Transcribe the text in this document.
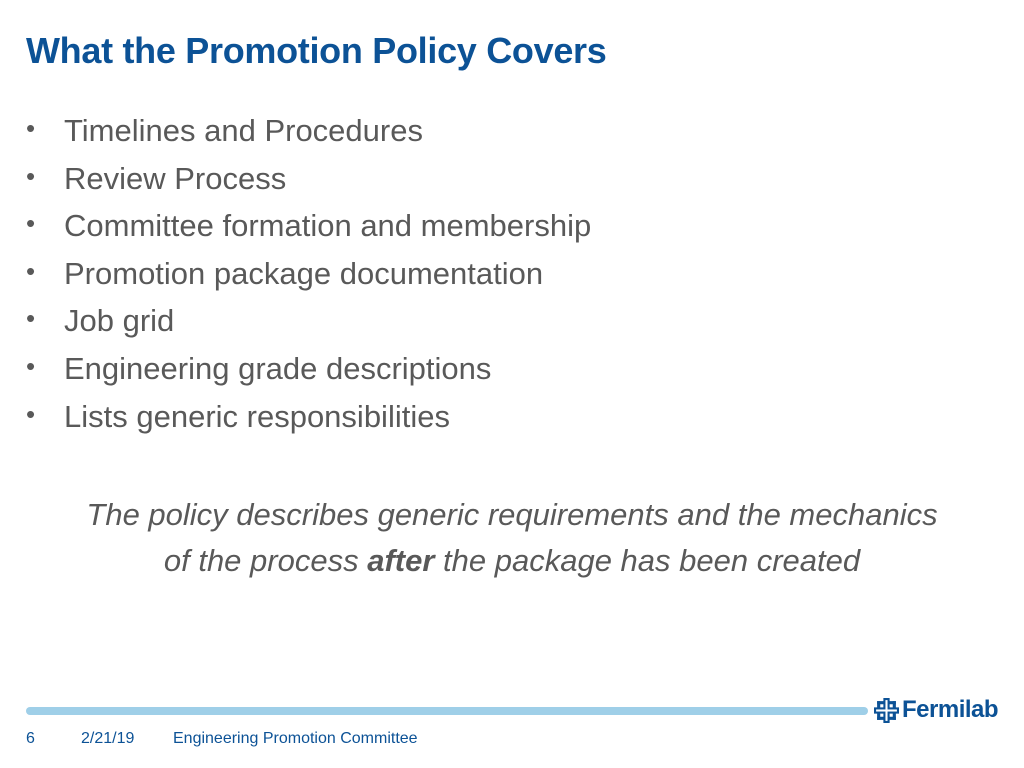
What the Promotion Policy Covers
• Timelines and Procedures
• Review Process
• Committee formation and membership
• Promotion package documentation
• Job grid
• Engineering grade descriptions
• Lists generic responsibilities

The policy describes generic requirements and the mechanics
of the process after the package has been created

Fermilab
6	2/21/19 Engineering Promotion Committee
